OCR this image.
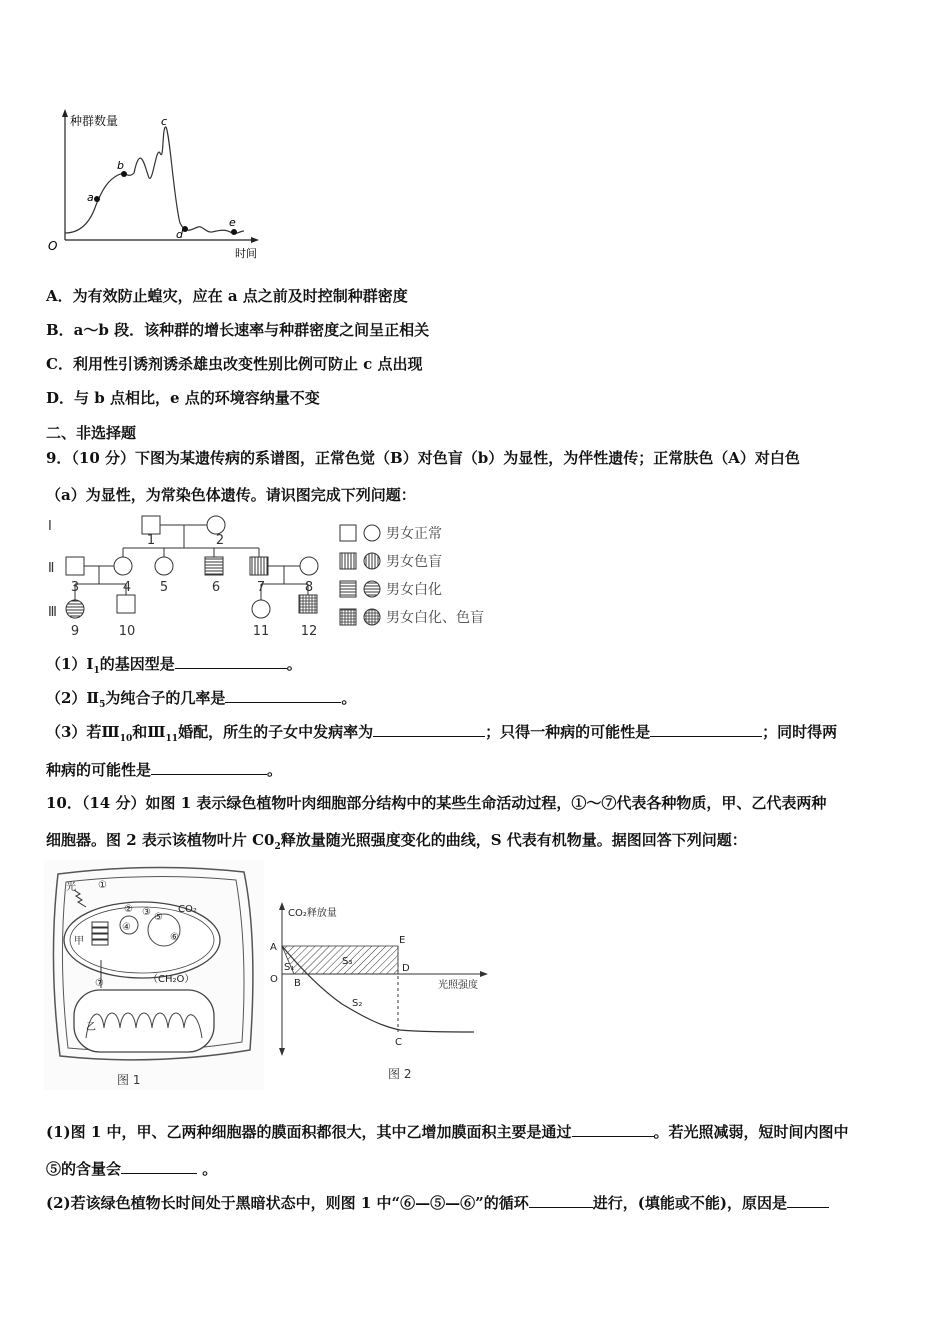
种群数量
时间
O
a
b
c
d
e
A．为有效防止蝗灾，应在 a 点之前及时控制种群密度
B．a～b 段．该种群的增长速率与种群密度之间呈正相关
C．利用性引诱剂诱杀雄虫改变性别比例可防止 c 点出现
D．与 b 点相比，e 点的环境容纳量不变
二、非选择题
9．（10 分）下图为某遗传病的系谱图，正常色觉（B）对色盲（b）为显性，为伴性遗传；正常肤色（A）对白色
（a）为显性，为常染色体遗传。请识图完成下列问题：
Ⅰ
Ⅱ
Ⅲ
1	2
3	4 5	6	7	8
9	10	11 12
男女正常
男女色盲
男女白化
男女白化、色盲
$(1)Ⅰ_1$的基因型是	。
$(2)Ⅱ_5$为纯合子的几率是	。
（3）若$Ⅲ_{10}$和$Ⅲ_{11}$婚配，所生的子女中发病率为	；只得一种病的可能性是	；同时得两
种病的可能性是	。
10．（14 分）如图 1 表示绿色植物叶肉细胞部分结构中的某些生命活动过程，①～⑦代表各种物质，甲、乙代表两种
细胞器。图 2 表示该植物叶片 $C0_2$释放量随光照强度变化的曲线，S 代表有机物量。据图回答下列问题：
光 ①
② ③
④
⑤
⑥
⑦
甲
乙
CO₂
（CH₂O）
图 1
CO₂释放量
光照强度
A
E
S₁
S₃
D
O B
S₂
C
图 2
(1)图 1 中，甲、乙两种细胞器的膜面积都很大，其中乙增加膜面积主要是通过	。若光照减弱，短时间内图中
⑤的含量会	。
(2)若该绿色植物长时间处于黑暗状态中，则图 1 中“⑥—⑤—⑥”的循环	进行，(填能或不能)，原因是
